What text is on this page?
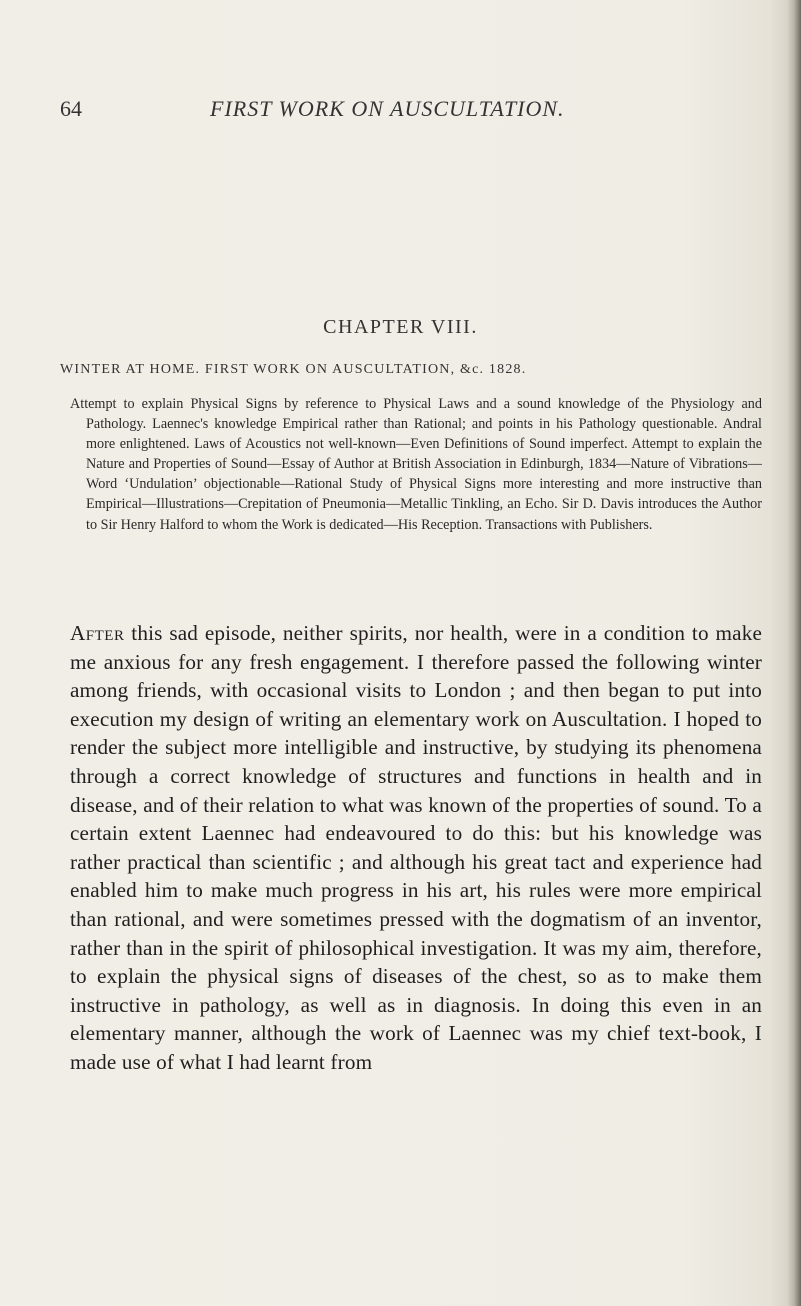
64	FIRST WORK ON AUSCULTATION.
CHAPTER VIII.
WINTER AT HOME. FIRST WORK ON AUSCULTATION, &c. 1828.
Attempt to explain Physical Signs by reference to Physical Laws and a sound knowledge of the Physiology and Pathology. Laennec's knowledge Empirical rather than Rational; and points in his Pathology questionable. Andral more enlightened. Laws of Acoustics not well-known—Even Definitions of Sound imperfect. Attempt to explain the Nature and Properties of Sound—Essay of Author at British Association in Edinburgh, 1834—Nature of Vibrations—Word ‘Undulation’ objectionable—Rational Study of Physical Signs more interesting and more instructive than Empirical—Illustrations—Crepitation of Pneumonia—Metallic Tinkling, an Echo. Sir D. Davis introduces the Author to Sir Henry Halford to whom the Work is dedicated—His Reception. Transactions with Publishers.
After this sad episode, neither spirits, nor health, were in a condition to make me anxious for any fresh engagement. I therefore passed the following winter among friends, with occasional visits to London ; and then began to put into execution my design of writing an elementary work on Auscultation. I hoped to render the subject more intelligible and instructive, by studying its phenomena through a correct knowledge of structures and functions in health and in disease, and of their relation to what was known of the properties of sound. To a certain extent Laennec had endeavoured to do this: but his knowledge was rather practical than scientific ; and although his great tact and experience had enabled him to make much progress in his art, his rules were more empirical than rational, and were sometimes pressed with the dogmatism of an inventor, rather than in the spirit of philosophical investigation. It was my aim, therefore, to explain the physical signs of diseases of the chest, so as to make them instructive in pathology, as well as in diagnosis. In doing this even in an elementary manner, although the work of Laennec was my chief text-book, I made use of what I had learnt from
